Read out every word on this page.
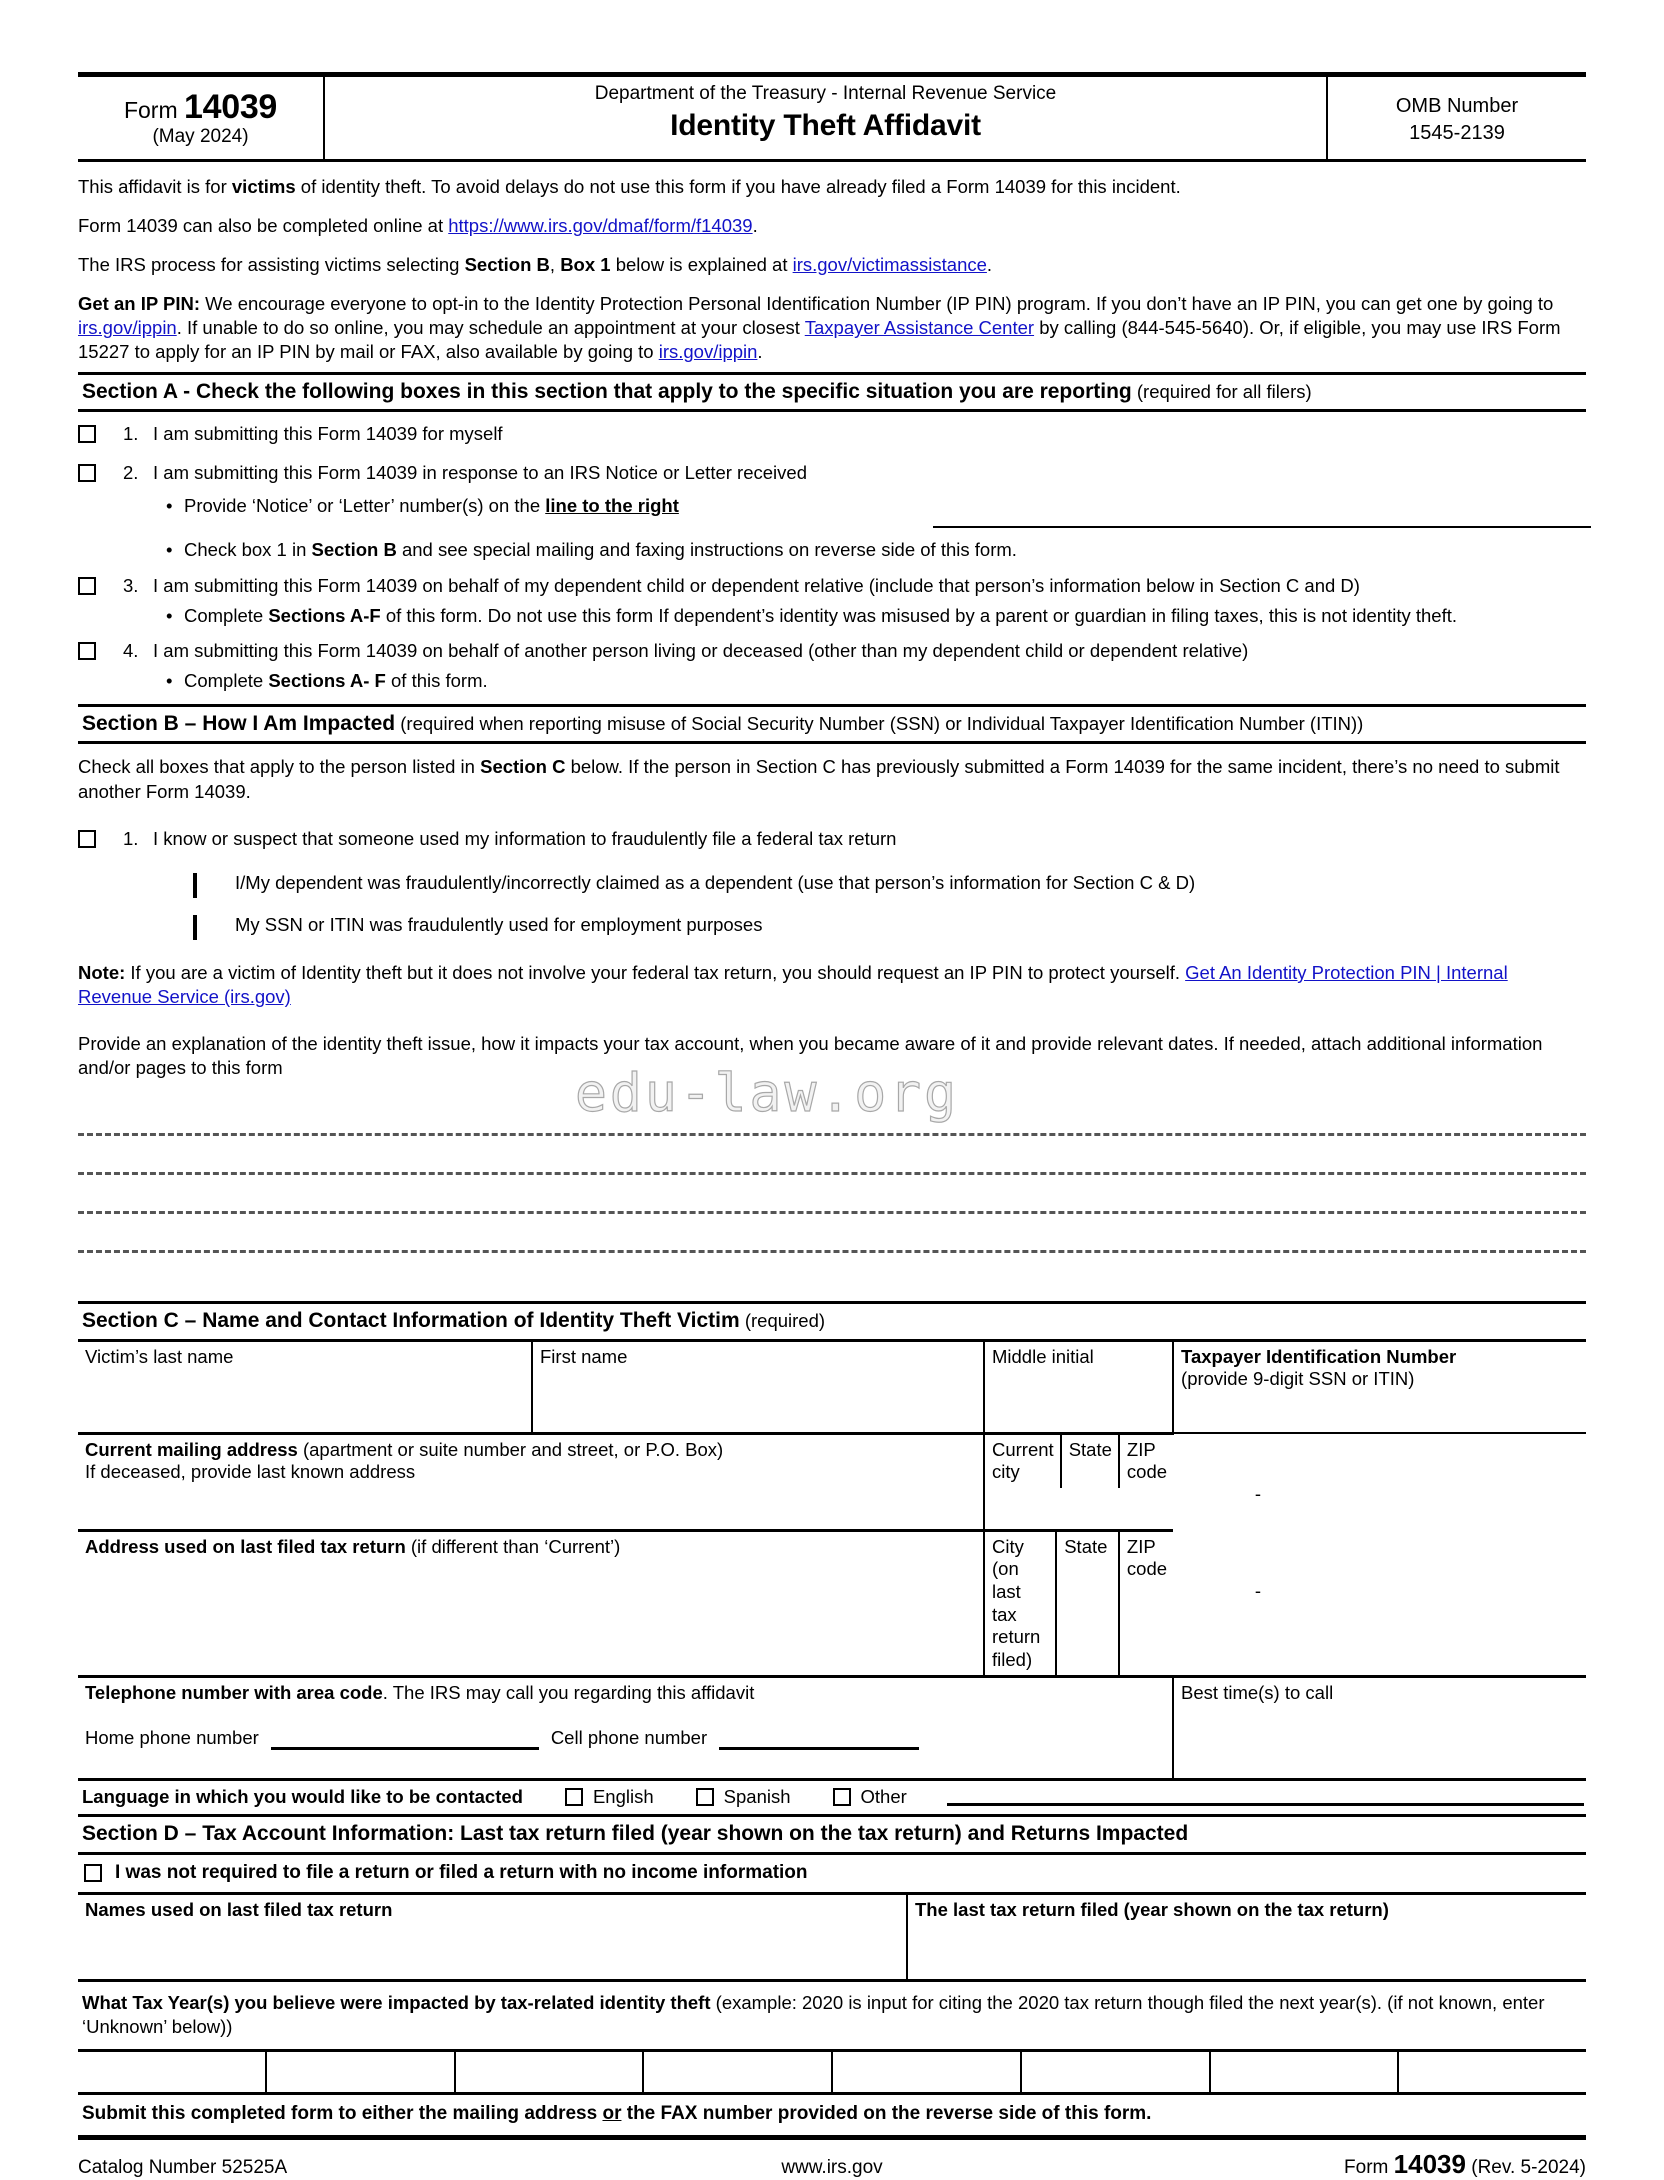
Form 14039
(May 2024)
Department of the Treasury - Internal Revenue Service
Identity Theft Affidavit
OMB Number
1545-2139

This affidavit is for victims of identity theft. To avoid delays do not use this form if you have already filed a Form 14039 for this incident.

Form 14039 can also be completed online at https://www.irs.gov/dmaf/form/f14039.

The IRS process for assisting victims selecting Section B, Box 1 below is explained at irs.gov/victimassistance.

Get an IP PIN: We encourage everyone to opt-in to the Identity Protection Personal Identification Number (IP PIN) program. If you don’t have an IP PIN, you can get one by going to irs.gov/ippin. If unable to do so online, you may schedule an appointment at your closest Taxpayer Assistance Center by calling (844-545-5640). Or, if eligible, you may use IRS Form 15227 to apply for an IP PIN by mail or FAX, also available by going to irs.gov/ippin.

Section A - Check the following boxes in this section that apply to the specific situation you are reporting (required for all filers)
1. I am submitting this Form 14039 for myself
2. I am submitting this Form 14039 in response to an IRS Notice or Letter received
• Provide ‘Notice’ or ‘Letter’ number(s) on the line to the right
• Check box 1 in Section B and see special mailing and faxing instructions on reverse side of this form.
3. I am submitting this Form 14039 on behalf of my dependent child or dependent relative (include that person’s information below in Section C and D)
• Complete Sections A-F of this form. Do not use this form If dependent’s identity was misused by a parent or guardian in filing taxes, this is not identity theft.
4. I am submitting this Form 14039 on behalf of another person living or deceased (other than my dependent child or dependent relative)
• Complete Sections A- F of this form.
Section B – How I Am Impacted (required when reporting misuse of Social Security Number (SSN) or Individual Taxpayer Identification Number (ITIN))

Check all boxes that apply to the person listed in Section C below. If the person in Section C has previously submitted a Form 14039 for the same incident, there’s no need to submit another Form 14039.

1. I know or suspect that someone used my information to fraudulently file a federal tax return
I/My dependent was fraudulently/incorrectly claimed as a dependent (use that person’s information for Section C & D)
My SSN or ITIN was fraudulently used for employment purposes

Note: If you are a victim of Identity theft but it does not involve your federal tax return, you should request an IP PIN to protect yourself. Get An Identity Protection PIN | Internal Revenue Service (irs.gov)

Provide an explanation of the identity theft issue, how it impacts your tax account, when you became aware of it and provide relevant dates. If needed, attach additional information and/or pages to this form

Section C – Name and Contact Information of Identity Theft Victim (required)
Victim’s last name	First name	Middle initial	Taxpayer Identification Number
(provide 9-digit SSN or ITIN)

Current mailing address (apartment or suite number and street, or P.O. Box)
If deceased, provide last known address

Current city	State	ZIP code
-

Address used on last filed tax return (if different than ‘Current’)		City (on last tax return filed)	State	ZIP code
-

Telephone number with area code. The IRS may call you regarding this affidavit
Home phone number	Cell phone number
	Best time(s) to call
Language in which you would like to be contacted	English	Spanish	Other
Section D – Tax Account Information: Last tax return filed (year shown on the tax return) and Returns Impacted
I was not required to file a return or filed a return with no income information
Names used on last filed tax return	The last tax return filed (year shown on the tax return)
What Tax Year(s) you believe were impacted by tax-related identity theft (example: 2020 is input for citing the 2020 tax return though filed the next year(s). (if not known, enter ‘Unknown’ below))
Submit this completed form to either the mailing address or the FAX number provided on the reverse side of this form.
Catalog Number 52525A	www.irs.gov	Form 14039 (Rev. 5-2024)
edu-law.org
